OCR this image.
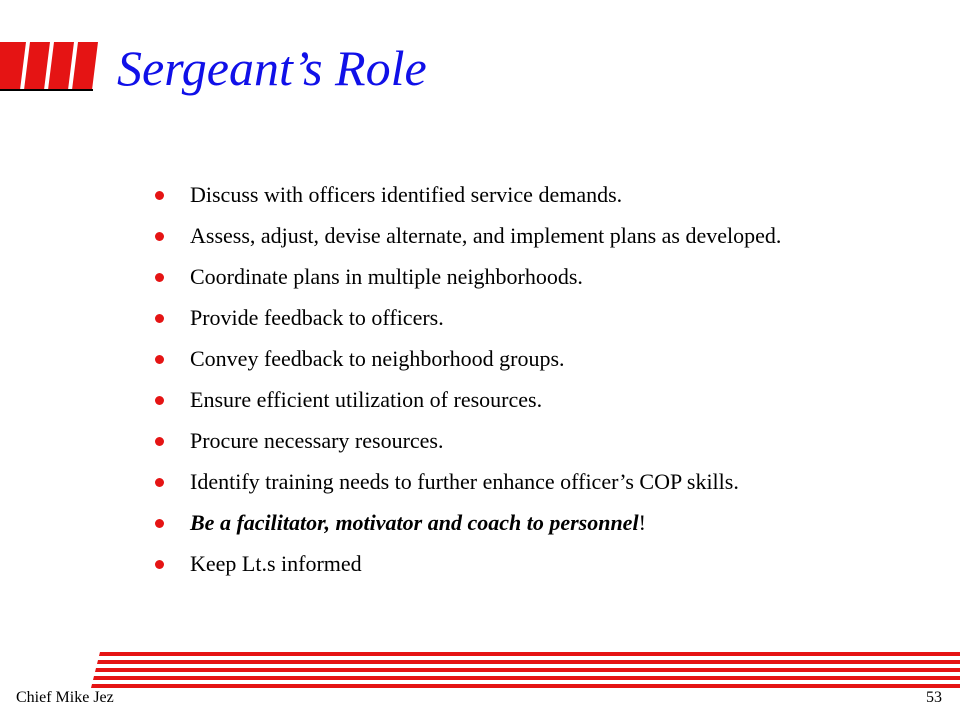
Sergeant’s Role
Discuss with officers identified service demands.
Assess, adjust, devise alternate, and implement plans as developed.
Coordinate plans in multiple neighborhoods.
Provide feedback to officers.
Convey feedback to neighborhood groups.
Ensure efficient utilization of resources.
Procure necessary resources.
Identify training needs to further enhance officer’s COP skills.
Be a facilitator, motivator and coach to personnel!
Keep Lt.s informed
Chief Mike Jez	53
